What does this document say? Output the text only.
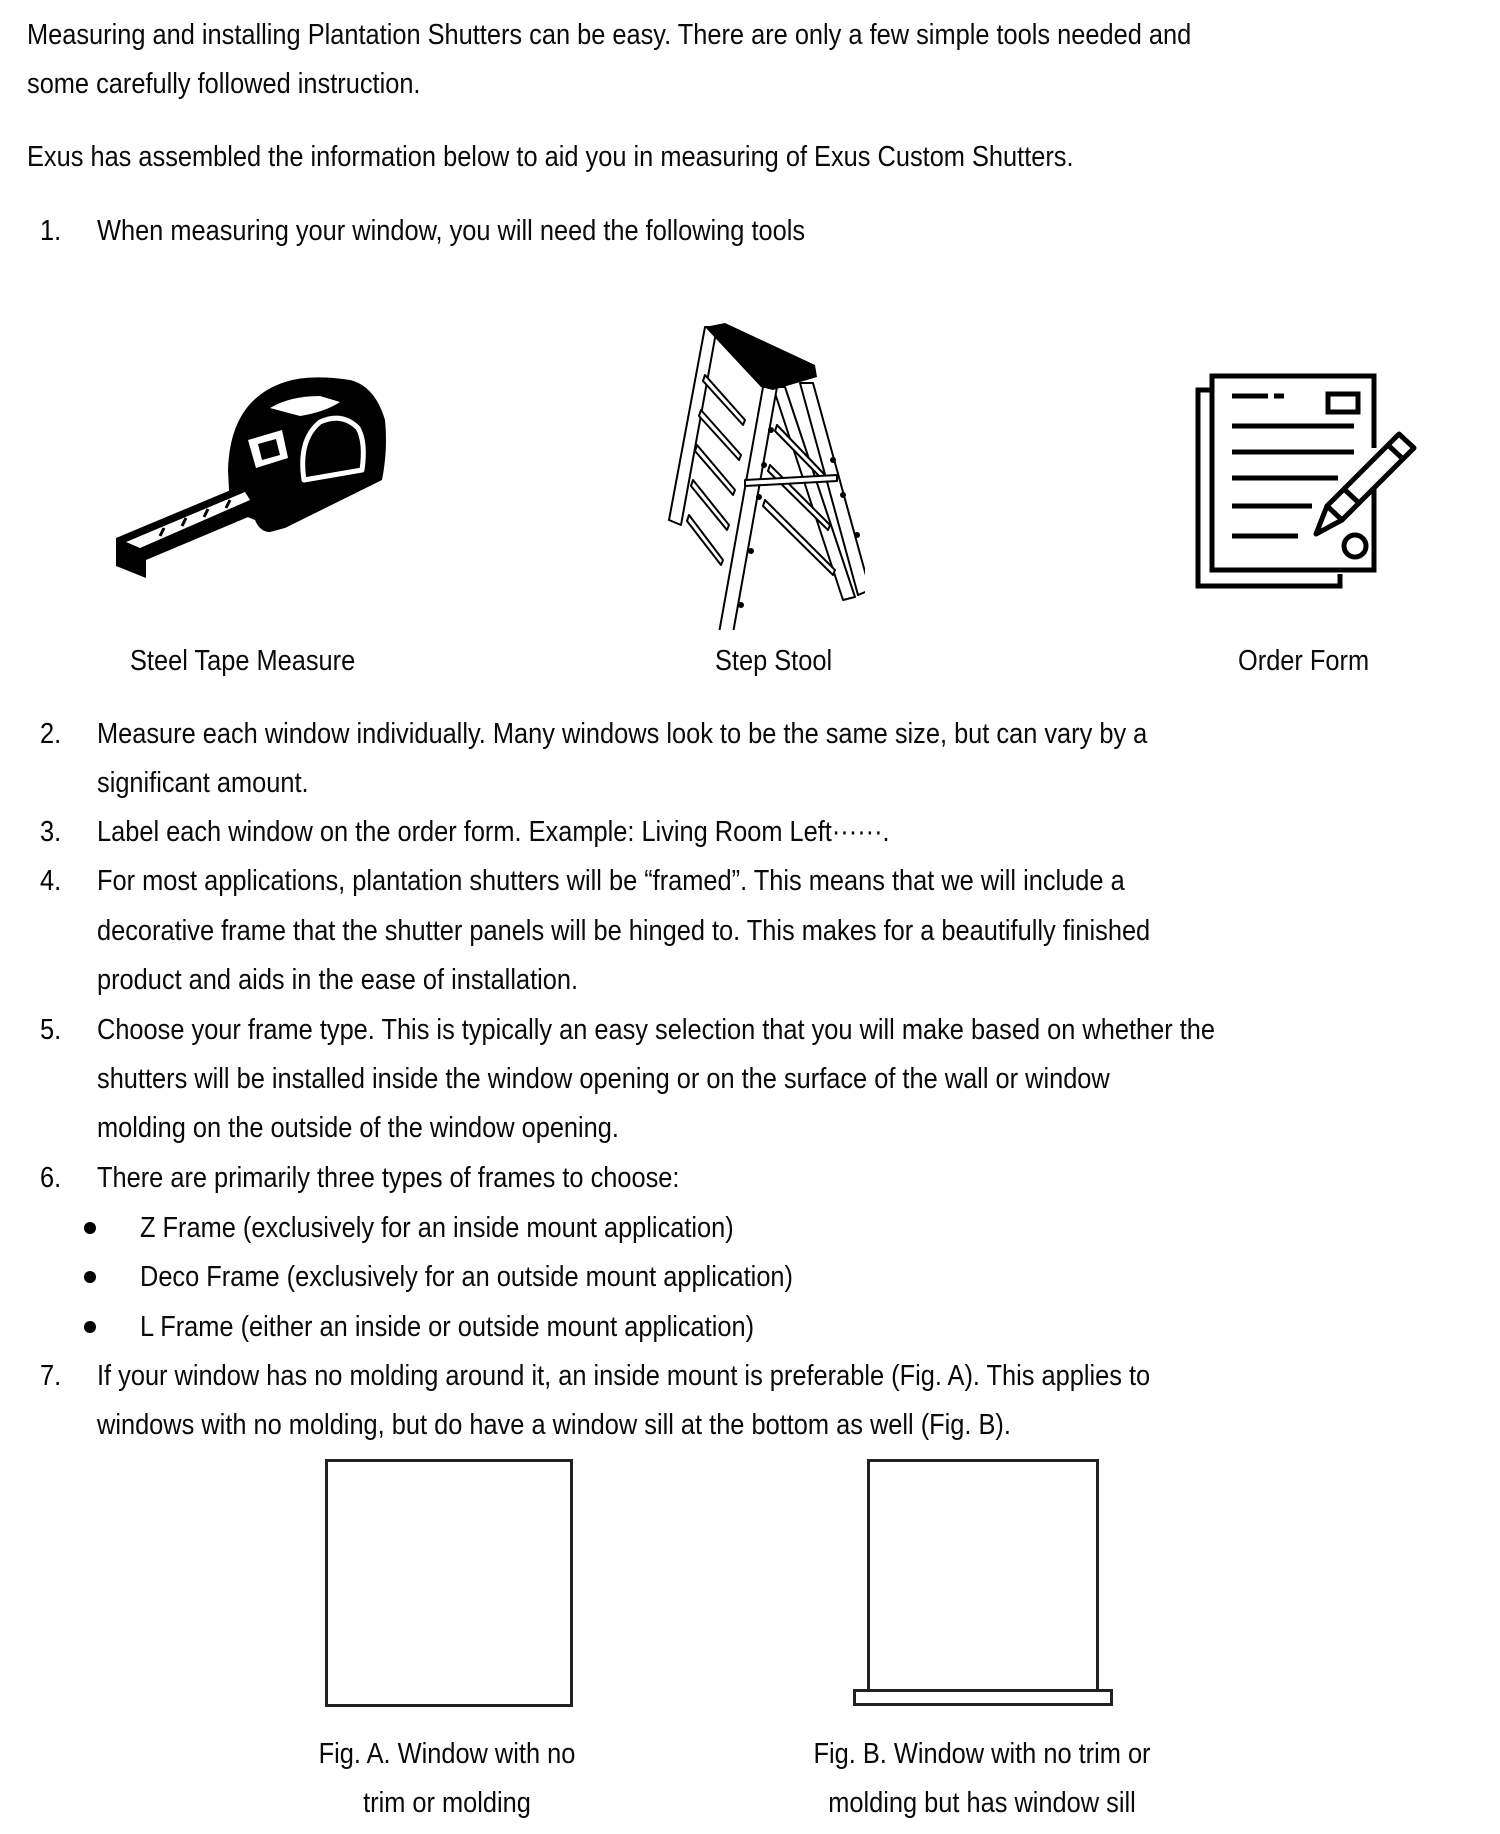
Measuring and installing Plantation Shutters can be easy. There are only a few simple tools needed and
some carefully followed instruction.
Exus has assembled the information below to aid you in measuring of Exus Custom Shutters.
1. When measuring your window, you will need the following tools
Steel Tape Measure	Step Stool	Order Form
2. Measure each window individually. Many windows look to be the same size, but can vary by a
significant amount.
3. Label each window on the order form. Example: Living Room Left······.
4. For most applications, plantation shutters will be “framed”. This means that we will include a
decorative frame that the shutter panels will be hinged to. This makes for a beautifully finished
product and aids in the ease of installation.
5. Choose your frame type. This is typically an easy selection that you will make based on whether the
shutters will be installed inside the window opening or on the surface of the wall or window
molding on the outside of the window opening.
6. There are primarily three types of frames to choose:
Z Frame (exclusively for an inside mount application)
Deco Frame (exclusively for an outside mount application)
L Frame (either an inside or outside mount application)
7. If your window has no molding around it, an inside mount is preferable (Fig. A). This applies to
windows with no molding, but do have a window sill at the bottom as well (Fig. B).
Fig. A. Window with no
trim or molding
Fig. B. Window with no trim or
molding but has window sill
